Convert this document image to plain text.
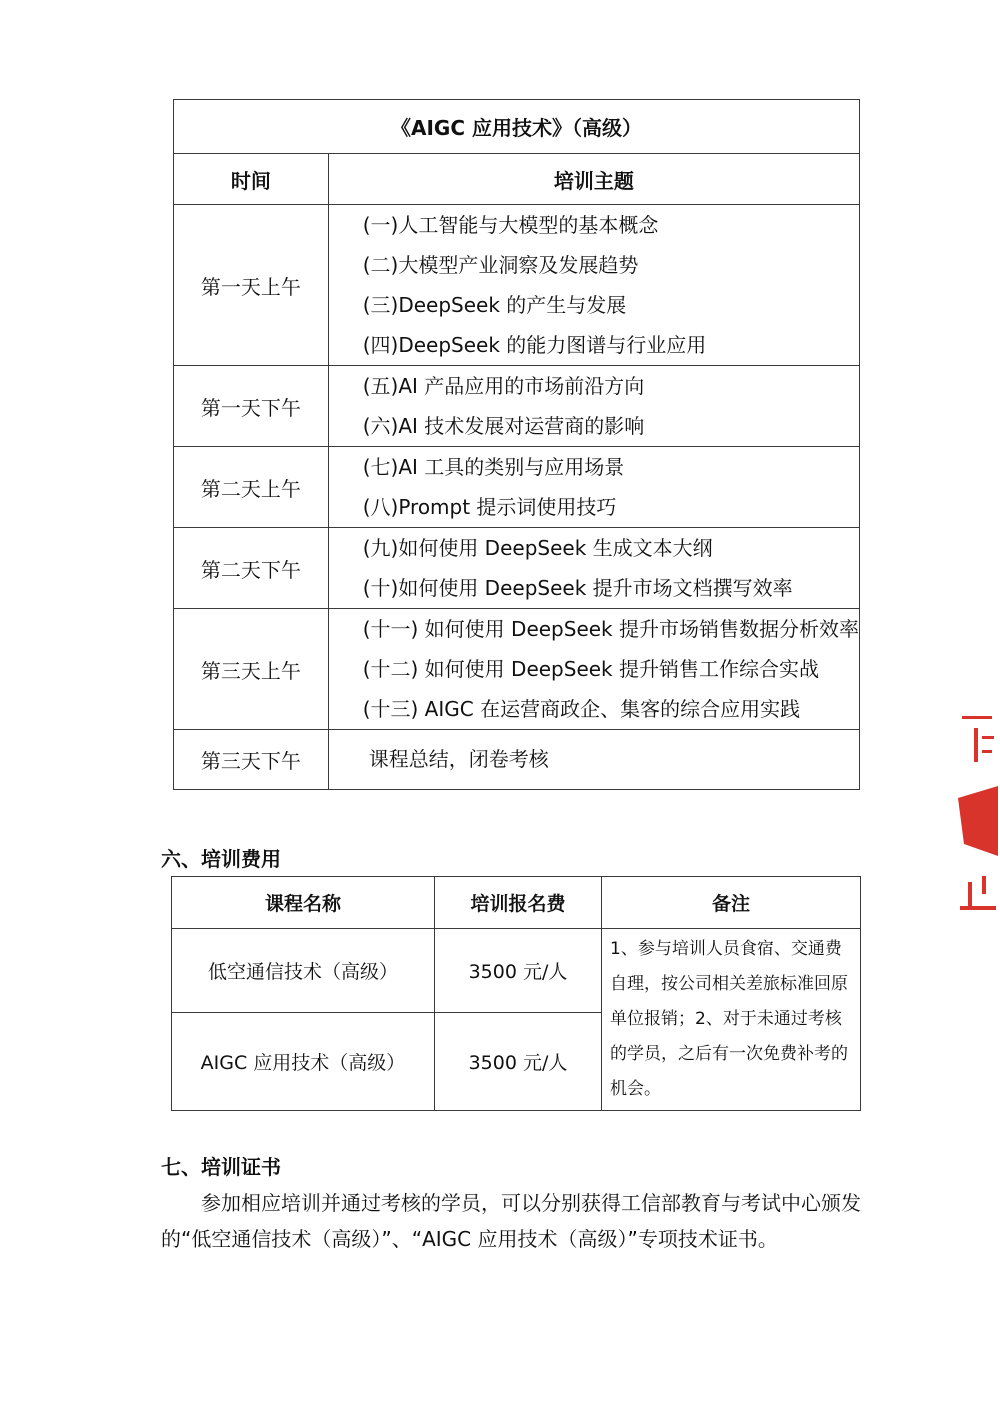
《AIGC 应用技术》（高级）	
时间	培训主题
第一天上午	(一)人工智能与大模型的基本概念
(二)大模型产业洞察及发展趋势
(三)DeepSeek 的产生与发展
(四)DeepSeek 的能力图谱与行业应用

第一天下午	(五)AI 产品应用的市场前沿方向
(六)AI 技术发展对运营商的影响

第二天上午	(七)AI 工具的类别与应用场景
(八)Prompt 提示词使用技巧

第二天下午	(九)如何使用 DeepSeek 生成文本大纲
(十)如何使用 DeepSeek 提升市场文档撰写效率

第三天上午	(十一) 如何使用 DeepSeek 提升市场销售数据分析效率
(十二) 如何使用 DeepSeek 提升销售工作综合实战
(十三) AIGC 在运营商政企、集客的综合应用实践

第三天下午	课程总结，闭卷考核
六、培训费用
课程名称	培训报名费	备注
低空通信技术（高级）	3500 元/人	1、参与培训人员食宿、交通费自理，按公司相关差旅标准回原单位报销；2、对于未通过考核的学员，之后有一次免费补考的机会。
AIGC 应用技术（高级）	3500 元/人	
七、培训证书
参加相应培训并通过考核的学员，可以分别获得工信部教育与考试中心颁发的“低空通信技术（高级）”、“AIGC 应用技术（高级）”专项技术证书。
